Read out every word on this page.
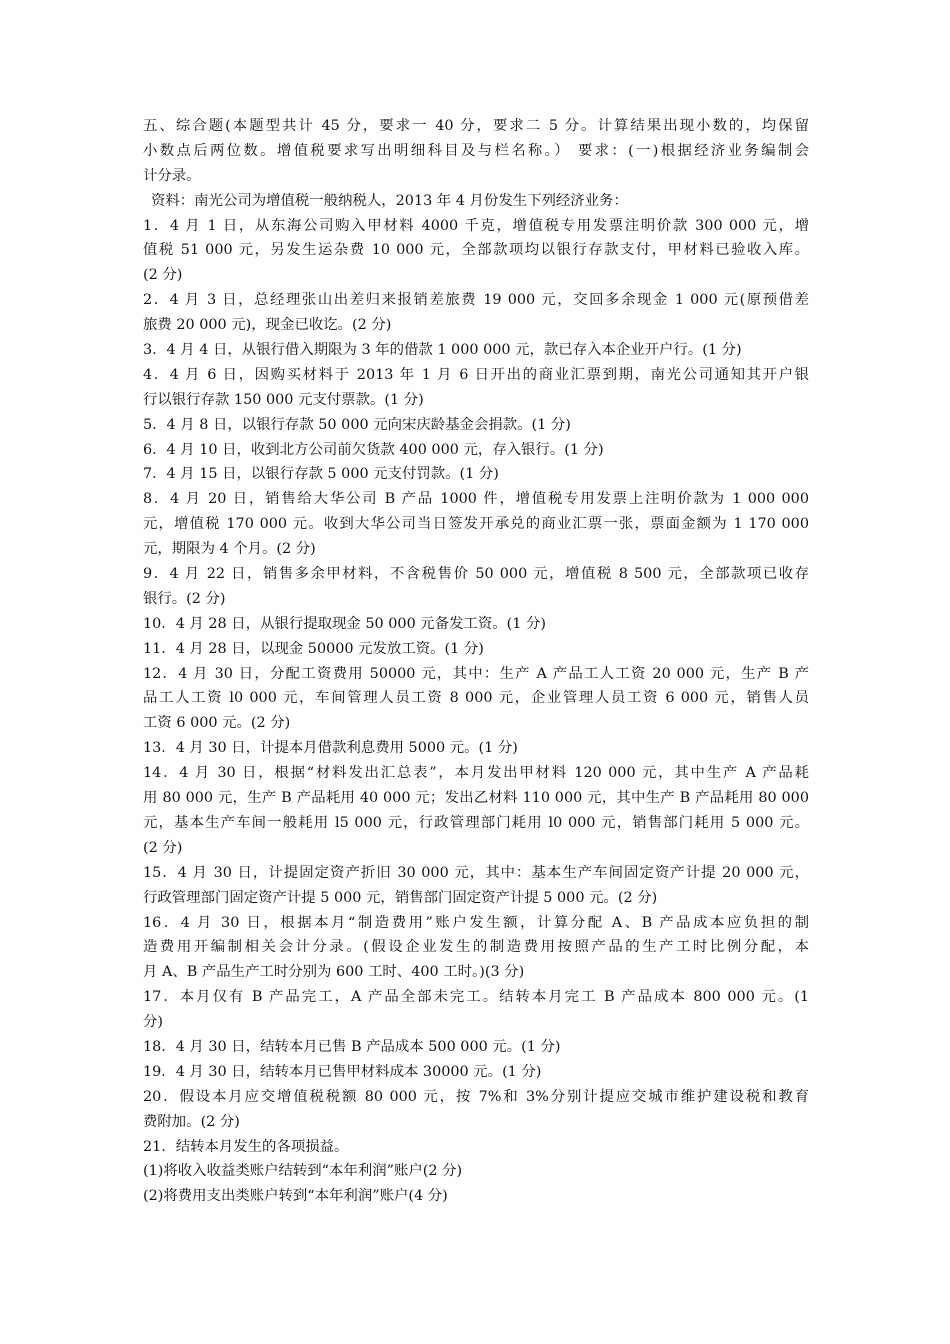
五、综合题(本题型共计 45 分，要求一 40 分，要求二 5 分。计算结果出现小数的，均保留
小数点后两位数。增值税要求写出明细科目及与栏名称。） 要求：(一)根据经济业务编制会
计分录。
资料：南光公司为增值税一般纳税人，2013 年 4 月份发生下列经济业务：
1．4 月 1 日，从东海公司购入甲材料 4000 千克，增值税专用发票注明价款 300 000 元，增
值税 51 000 元，另发生运杂费 10 000 元，全部款项均以银行存款支付，甲材料已验收入库。
(2 分)
2．4 月 3 日，总经理张山出差归来报销差旅费 19 000 元，交回多余现金 1 000 元(原预借差
旅费 20 000 元)，现金已收讫。(2 分)
3．4 月 4 日，从银行借入期限为 3 年的借款 1 000 000 元，款已存入本企业开户行。(1 分)
4．4 月 6 日，因购买材料于 2013 年 1 月 6 日开出的商业汇票到期，南光公司通知其开户银
行以银行存款 150 000 元支付票款。(1 分)
5．4 月 8 日，以银行存款 50 000 元向宋庆龄基金会捐款。(1 分)
6．4 月 10 日，收到北方公司前欠货款 400 000 元，存入银行。(1 分)
7．4 月 15 日，以银行存款 5 000 元支付罚款。(1 分)
8．4 月 20 日，销售给大华公司 B 产品 1000 件，增值税专用发票上注明价款为 1 000 000
元，增值税 170 000 元。收到大华公司当日签发开承兑的商业汇票一张，票面金额为 1 170 000
元，期限为 4 个月。(2 分)
9．4 月 22 日，销售多余甲材料，不含税售价 50 000 元，增值税 8 500 元，全部款项已收存
银行。(2 分)
10．4 月 28 日，从银行提取现金 50 000 元备发工资。(1 分)
11．4 月 28 日，以现金 50000 元发放工资。(1 分)
12．4 月 30 日，分配工资费用 50000 元，其中：生产 A 产品工人工资 20 000 元，生产 B 产
品工人工资 l0 000 元，车间管理人员工资 8 000 元，企业管理人员工资 6 000 元，销售人员
工资 6 000 元。(2 分)
13．4 月 30 日，计提本月借款利息费用 5000 元。(1 分)
14．4 月 30 日，根据“材料发出汇总表”，本月发出甲材料 120 000 元，其中生产 A 产品耗
用 80 000 元，生产 B 产品耗用 40 000 元；发出乙材料 110 000 元，其中生产 B 产品耗用 80 000
元，基本生产车间一般耗用 l5 000 元，行政管理部门耗用 l0 000 元，销售部门耗用 5 000 元。
(2 分)
15．4 月 30 日，计提固定资产折旧 30 000 元，其中：基本生产车间固定资产计提 20 000 元，
行政管理部门固定资产计提 5 000 元，销售部门固定资产计提 5 000 元。(2 分)
16．4 月 30 日，根据本月“制造费用”账户发生额，计算分配 A、B 产品成本应负担的制
造费用开编制相关会计分录。(假设企业发生的制造费用按照产品的生产工时比例分配，本
月 A、B 产品生产工时分别为 600 工时、400 工时。)(3 分)
17．本月仅有 B 产品完工，A 产品全部未完工。结转本月完工 B 产品成本 800 000 元。(1
分)
18．4 月 30 日，结转本月已售 B 产品成本 500 000 元。(1 分)
19．4 月 30 日，结转本月已售甲材料成本 30000 元。(1 分)
20．假设本月应交增值税税额 80 000 元，按 7%和 3%分别计提应交城市维护建设税和教育
费附加。(2 分)
21．结转本月发生的各项损益。
(1)将收入收益类账户结转到“本年利润”账户(2 分)
(2)将费用支出类账户转到“本年利润”账户(4 分)
